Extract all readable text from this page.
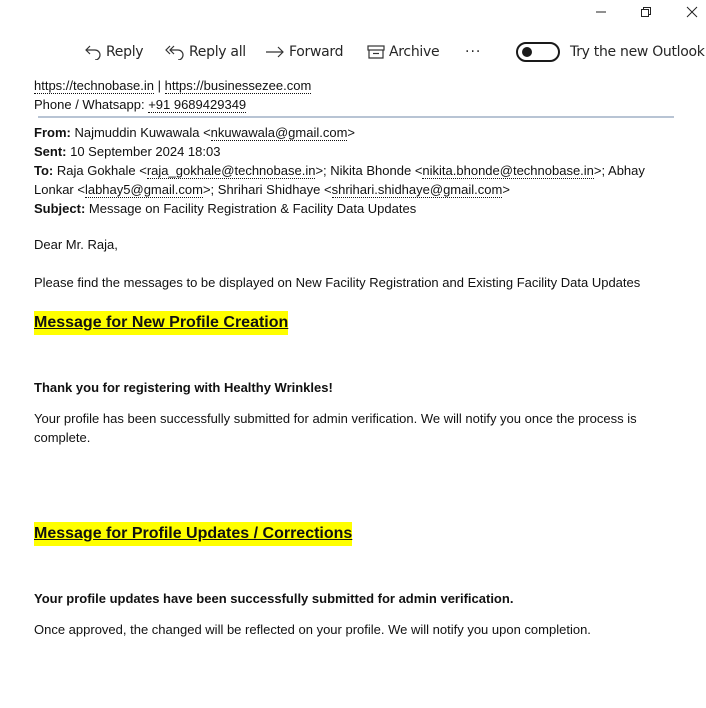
Reply	Reply all	Forward	Archive ···	Try the new Outlook
https://technobase.in | https://businessezee.com
Phone / Whatsapp: +91 9689429349
From: Najmuddin Kuwawala <nkuwawala@gmail.com>
Sent: 10 September 2024 18:03
To: Raja Gokhale <raja_gokhale@technobase.in>; Nikita Bhonde <nikita.bhonde@technobase.in>; Abhay Lonkar <labhay5@gmail.com>; Shrihari Shidhaye <shrihari.shidhaye@gmail.com>
Subject: Message on Facility Registration & Facility Data Updates
Dear Mr. Raja,
Please find the messages to be displayed on New Facility Registration and Existing Facility Data Updates
Message for New Profile Creation
Thank you for registering with Healthy Wrinkles!
Your profile has been successfully submitted for admin verification. We will notify you once the process is complete.
Message for Profile Updates / Corrections
Your profile updates have been successfully submitted for admin verification.
Once approved, the changed will be reflected on your profile. We will notify you upon completion.
